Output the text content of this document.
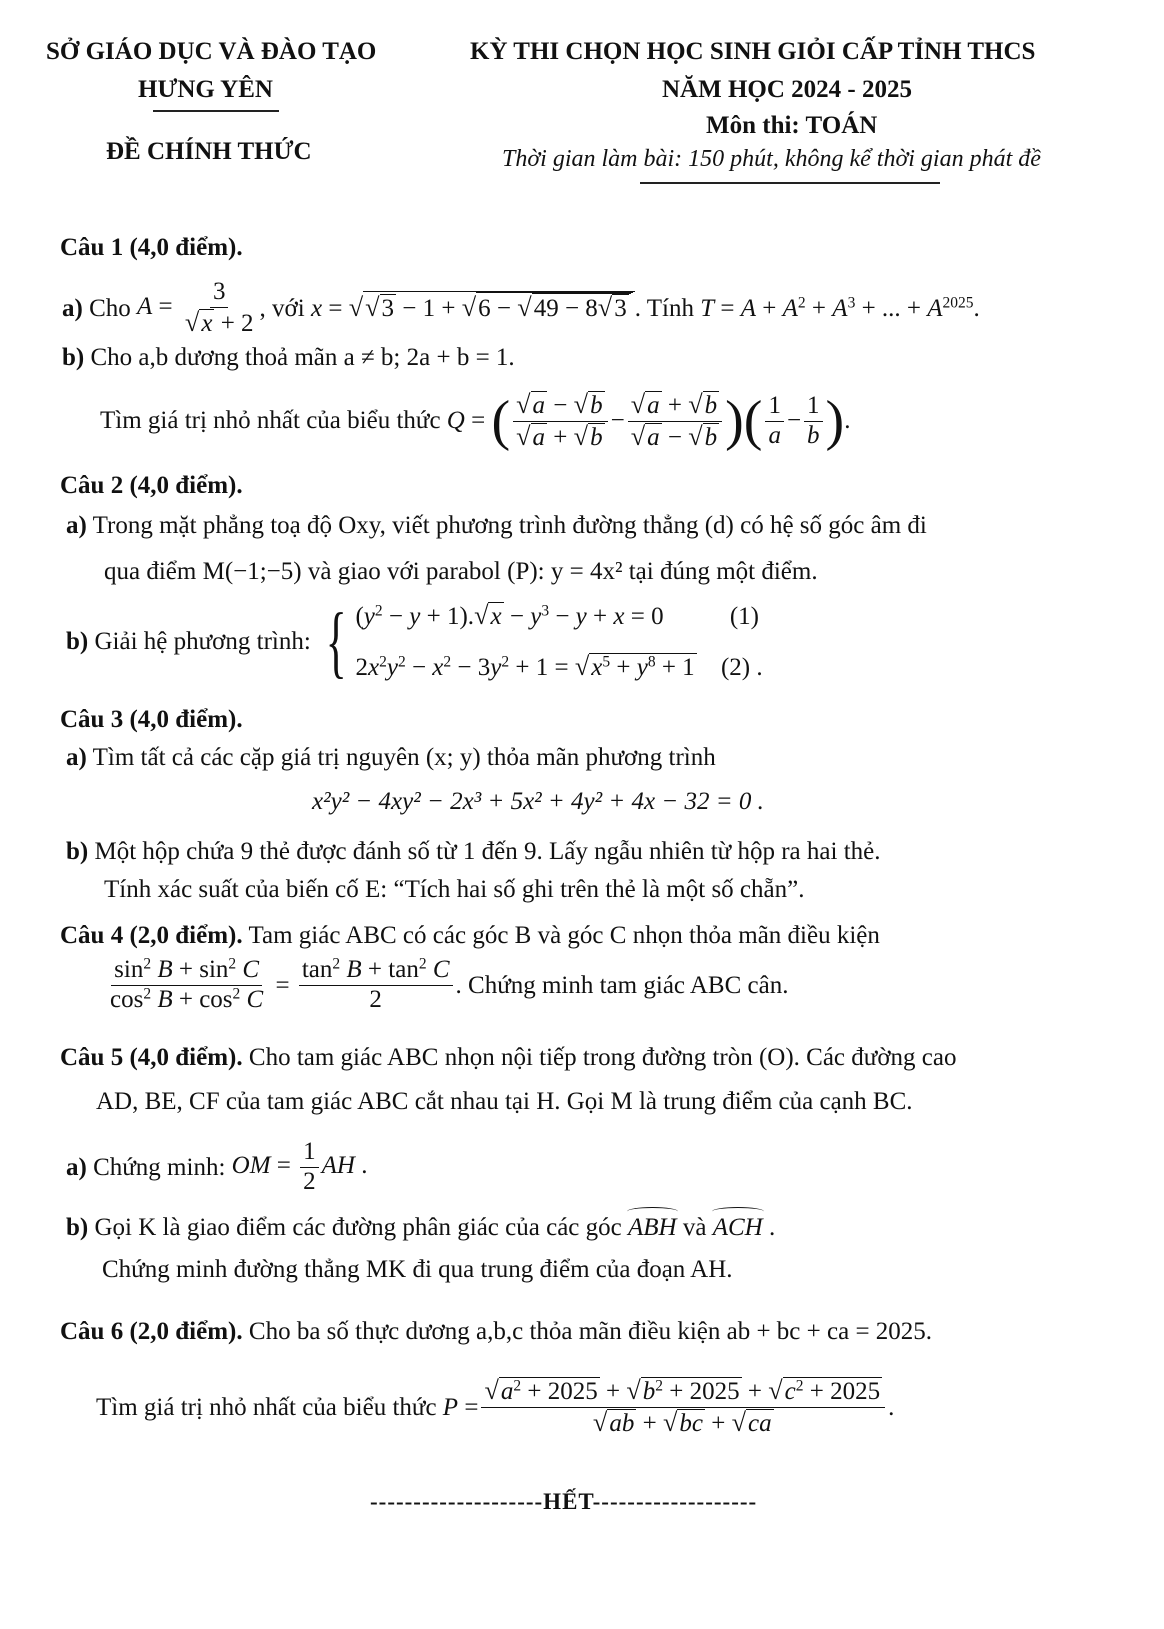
SỞ GIÁO DỤC VÀ ĐÀO TẠO
HƯNG YÊN
ĐỀ CHÍNH THỨC
KỲ THI CHỌN HỌC SINH GIỎI CẤP TỈNH THCS
NĂM HỌC 2024 - 2025
Môn thi: TOÁN
Thời gian làm bài: 150 phút, không kể thời gian phát đề
Câu 1 (4,0 điểm).
a)
Cho
$A = \frac{3}{√x + 2}$ , với
x = √√3 − 1 + √6 − √49 − 8√3 . Tính
$T = A + A^2 + A^3$ + ... + $A^{2025}$.
b) Cho a,b dương thoả mãn a ≠ b; 2a + b = 1.
Tìm giá trị nhỏ nhất của biểu thức
Q = ( $\frac{√a - √b}{√a + √b} - \frac{√a + √b}{√a - √b}$ )( $\frac{1}{a} - \frac{1}{b}$ ) .
Câu 2 (4,0 điểm).
a) Trong mặt phẳng toạ độ Oxy, viết phương trình đường thẳng (d) có hệ số góc âm đi
qua điểm M(−1;−5) và giao với parabol (P): y = 4x² tại đúng một điểm.
b)
Giải hệ phương trình:
{ $(y^2 - y + 1).√x - y^3 - y + x = 0$ (1)
$2x^2y^2 - x^2 - 3y^2 + 1 = √x^5 + y^8 + 1$ (2) .
Câu 3 (4,0 điểm).
a) Tìm tất cả các cặp giá trị nguyên (x; y) thỏa mãn phương trình
x²y² − 4xy² − 2x³ + 5x² + 4y² + 4x − 32 = 0 .
b) Một hộp chứa 9 thẻ được đánh số từ 1 đến 9. Lấy ngẫu nhiên từ hộp ra hai thẻ.
Tính xác suất của biến cố E: “Tích hai số ghi trên thẻ là một số chẵn”.
Câu 4 (2,0 điểm). Tam giác ABC có các góc B và góc C nhọn thỏa mãn điều kiện
$\frac{\sin^2 B + \sin^2 C}{\cos^2 B + \cos^2 C} = \frac{\tan^2 B + \tan^2 C}{2}$ . Chứng minh tam giác ABC cân.
Câu 5 (4,0 điểm). Cho tam giác ABC nhọn nội tiếp trong đường tròn (O). Các đường cao
AD, BE, CF của tam giác ABC cắt nhau tại H. Gọi M là trung điểm của cạnh BC.
a)
Chứng minh:
OM = $\frac{1}{2}$ AH .
b) Gọi K là giao điểm các đường phân giác của các góc ABH và ACH .
Chứng minh đường thẳng MK đi qua trung điểm của đoạn AH.
Câu 6 (2,0 điểm). Cho ba số thực dương a,b,c thỏa mãn điều kiện ab + bc + ca = 2025.
Tìm giá trị nhỏ nhất của biểu thức
$P = \frac{√a^2 + 2025 + √b^2 + 2025 + √c^2 + 2025}{√ab + √bc + √ca}$ .
--------------------HẾT-------------------
